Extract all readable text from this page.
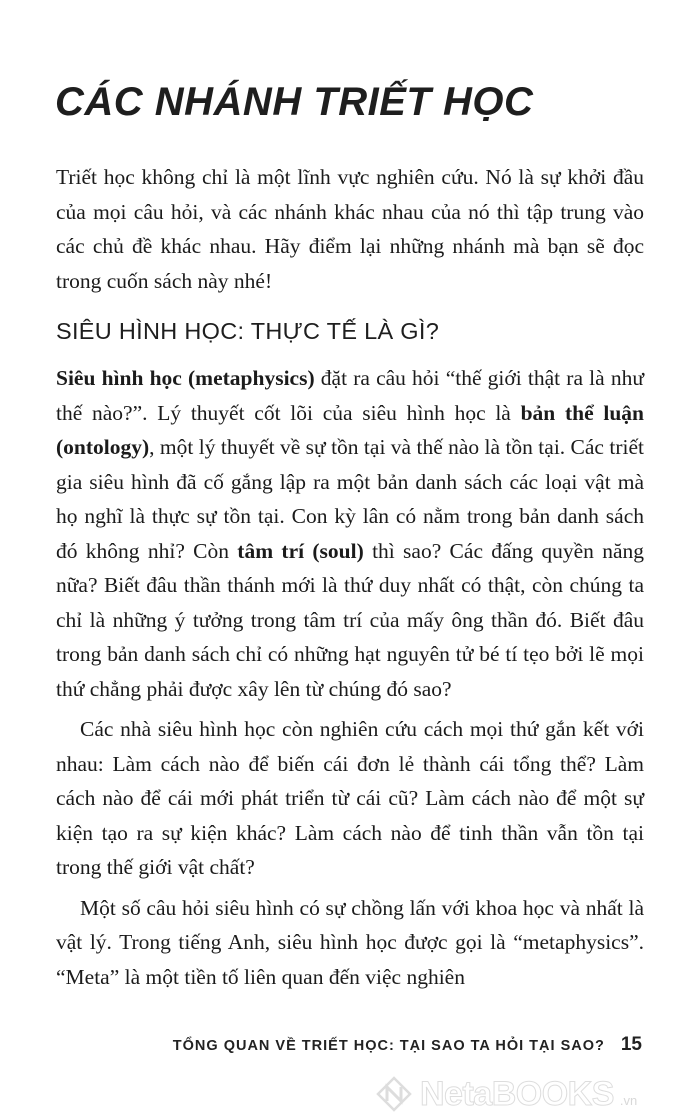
CÁC NHÁNH TRIẾT HỌC

Triết học không chỉ là một lĩnh vực nghiên cứu. Nó là sự khởi đầu của mọi câu hỏi, và các nhánh khác nhau của nó thì tập trung vào các chủ đề khác nhau. Hãy điểm lại những nhánh mà bạn sẽ đọc trong cuốn sách này nhé!

SIÊU HÌNH HỌC: THỰC TẾ LÀ GÌ?

Siêu hình học (metaphysics) đặt ra câu hỏi “thế giới thật ra là như thế nào?”. Lý thuyết cốt lõi của siêu hình học là bản thể luận (ontology), một lý thuyết về sự tồn tại và thế nào là tồn tại. Các triết gia siêu hình đã cố gắng lập ra một bản danh sách các loại vật mà họ nghĩ là thực sự tồn tại. Con kỳ lân có nằm trong bản danh sách đó không nhỉ? Còn tâm trí (soul) thì sao? Các đấng quyền năng nữa? Biết đâu thần thánh mới là thứ duy nhất có thật, còn chúng ta chỉ là những ý tưởng trong tâm trí của mấy ông thần đó. Biết đâu trong bản danh sách chỉ có những hạt nguyên tử bé tí tẹo bởi lẽ mọi thứ chẳng phải được xây lên từ chúng đó sao?

Các nhà siêu hình học còn nghiên cứu cách mọi thứ gắn kết với nhau: Làm cách nào để biến cái đơn lẻ thành cái tổng thể? Làm cách nào để cái mới phát triển từ cái cũ? Làm cách nào để một sự kiện tạo ra sự kiện khác? Làm cách nào để tinh thần vẫn tồn tại trong thế giới vật chất?

Một số câu hỏi siêu hình có sự chồng lấn với khoa học và nhất là vật lý. Trong tiếng Anh, siêu hình học được gọi là “metaphysics”. “Meta” là một tiền tố liên quan đến việc nghiên

TỔNG QUAN VỀ TRIẾT HỌC: TẠI SAO TA HỎI TẠI SAO? 15
NetaBOOKS .vn
